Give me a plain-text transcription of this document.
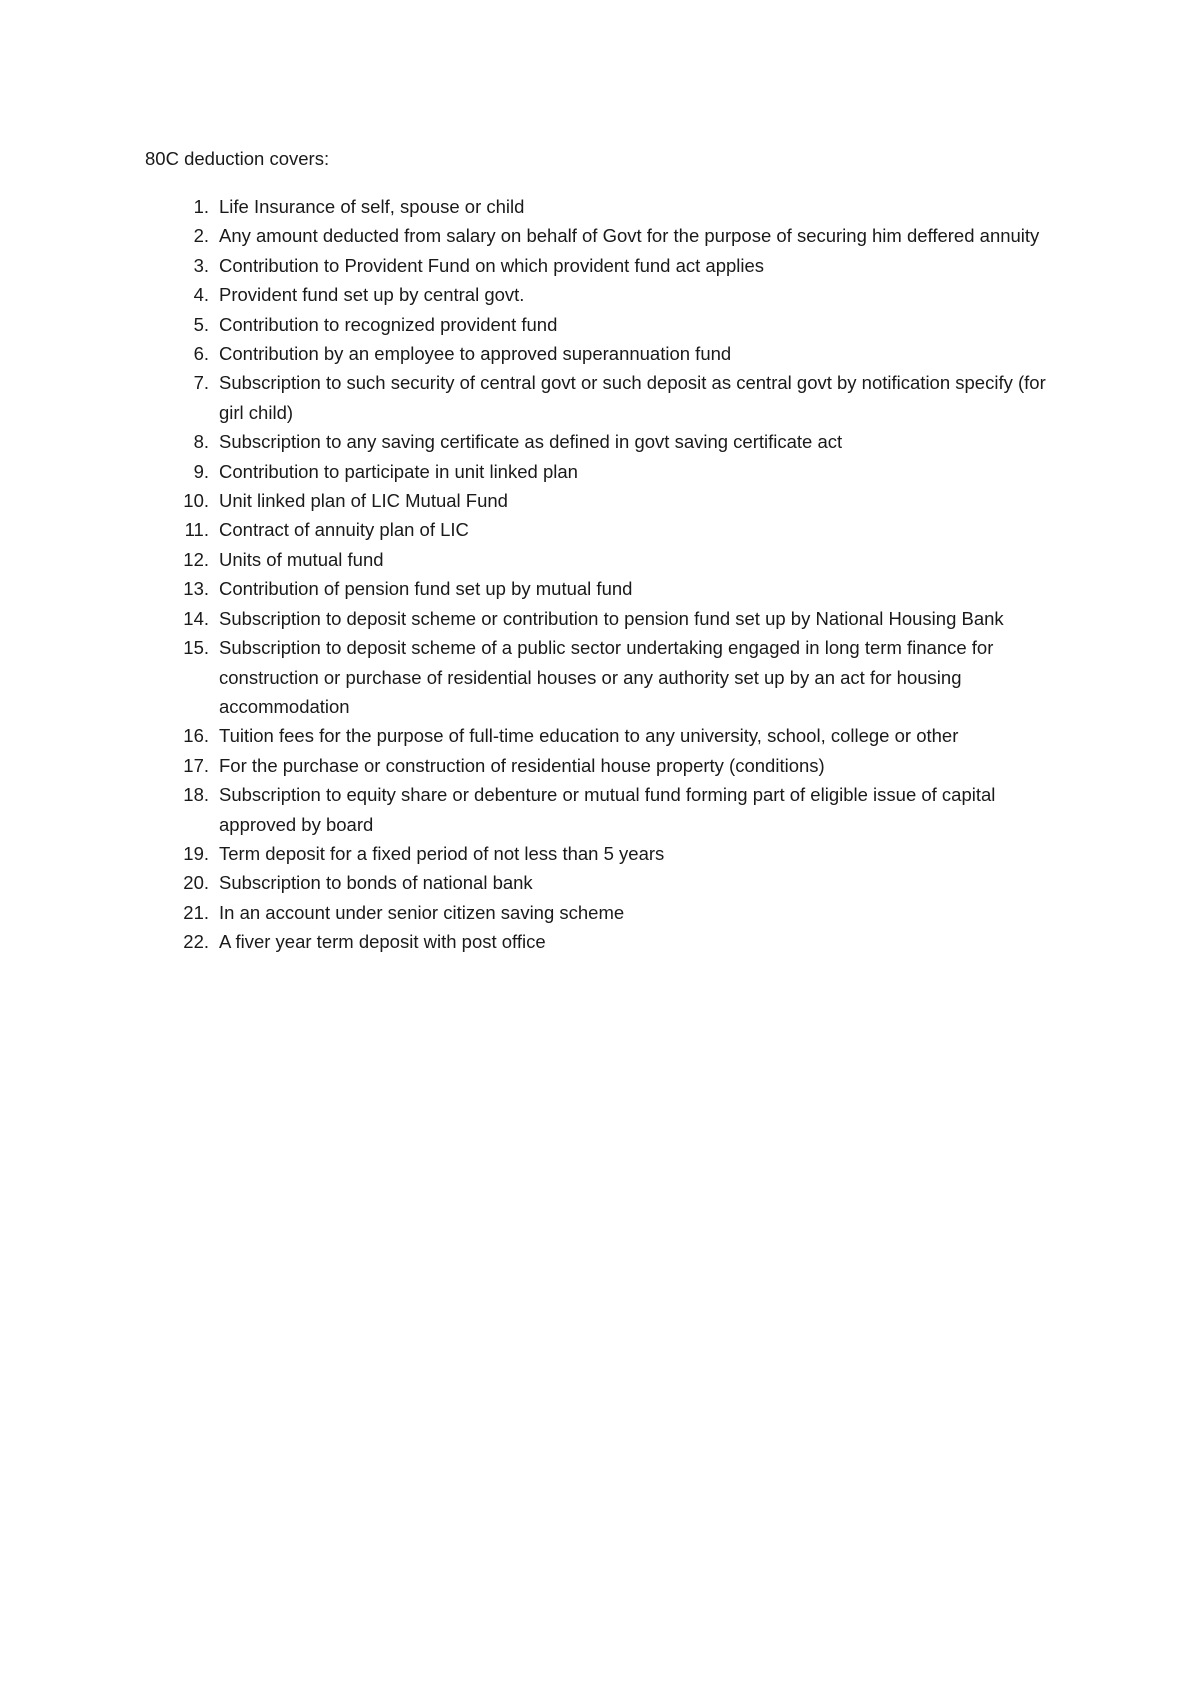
80C deduction covers:
1. Life Insurance of self, spouse or child
2. Any amount deducted from salary on behalf of Govt for the purpose of securing him deffered annuity
3. Contribution to Provident Fund on which provident fund act applies
4. Provident fund set up by central govt.
5. Contribution to recognized provident fund
6. Contribution by an employee to approved superannuation fund
7. Subscription to such security of central govt or such deposit as central govt by notification specify (for girl child)
8. Subscription to any saving certificate as defined in govt saving certificate act
9. Contribution to participate in unit linked plan
10. Unit linked plan of LIC Mutual Fund
11. Contract of annuity plan of LIC
12. Units of mutual fund
13. Contribution of pension fund set up by mutual fund
14. Subscription to deposit scheme or contribution to pension fund set up by National Housing Bank
15. Subscription to deposit scheme of a public sector undertaking engaged in long term finance for construction or purchase of residential houses or any authority set up by an act for housing accommodation
16. Tuition fees for the purpose of full-time education to any university, school, college or other
17. For the purchase or construction of residential house property (conditions)
18. Subscription to equity share or debenture or mutual fund forming part of eligible issue of capital approved by board
19. Term deposit for a fixed period of not less than 5 years
20. Subscription to bonds of national bank
21. In an account under senior citizen saving scheme
22. A fiver year term deposit with post office
